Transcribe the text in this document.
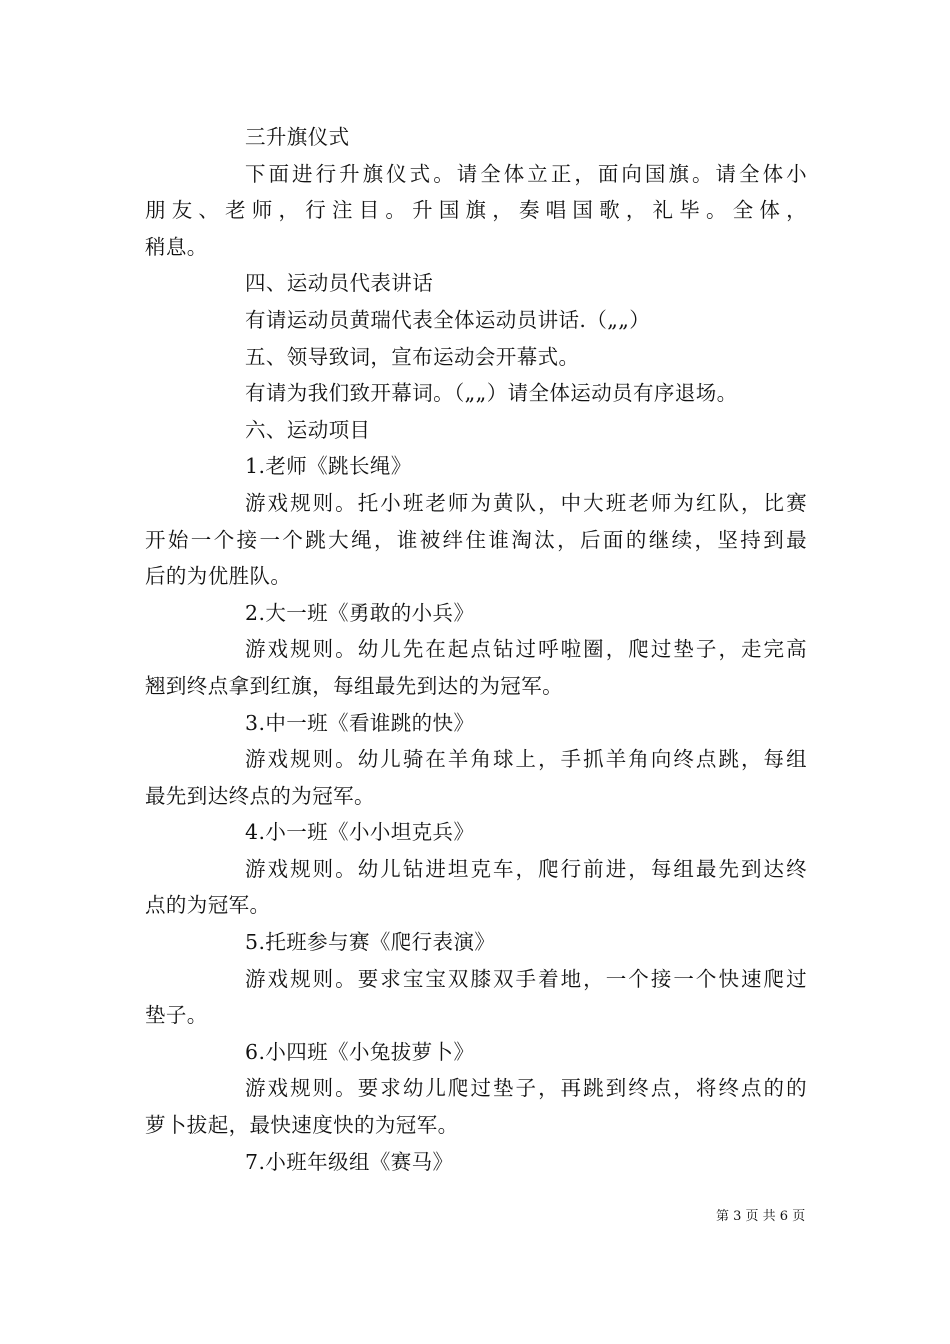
三升旗仪式
下面进行升旗仪式。请全体立正，面向国旗。请全体小
朋友、老师，行注目。升国旗，奏唱国歌，礼毕。全体，
稍息。
四、运动员代表讲话
有请运动员黄瑞代表全体运动员讲话.（„„）
五、领导致词，宣布运动会开幕式。
有请为我们致开幕词。（„„）请全体运动员有序退场。
六、运动项目
1.老师《跳长绳》
游戏规则。托小班老师为黄队，中大班老师为红队，比赛
开始一个接一个跳大绳，谁被绊住谁淘汰，后面的继续，坚持到最
后的为优胜队。
2.大一班《勇敢的小兵》
游戏规则。幼儿先在起点钻过呼啦圈，爬过垫子，走完高
翘到终点拿到红旗，每组最先到达的为冠军。
3.中一班《看谁跳的快》
游戏规则。幼儿骑在羊角球上，手抓羊角向终点跳，每组
最先到达终点的为冠军。
4.小一班《小小坦克兵》
游戏规则。幼儿钻进坦克车，爬行前进，每组最先到达终
点的为冠军。
5.托班参与赛《爬行表演》
游戏规则。要求宝宝双膝双手着地，一个接一个快速爬过
垫子。
6.小四班《小兔拔萝卜》
游戏规则。要求幼儿爬过垫子，再跳到终点，将终点的的
萝卜拔起，最快速度快的为冠军。
7.小班年级组《赛马》
第 3 页 共 6 页
